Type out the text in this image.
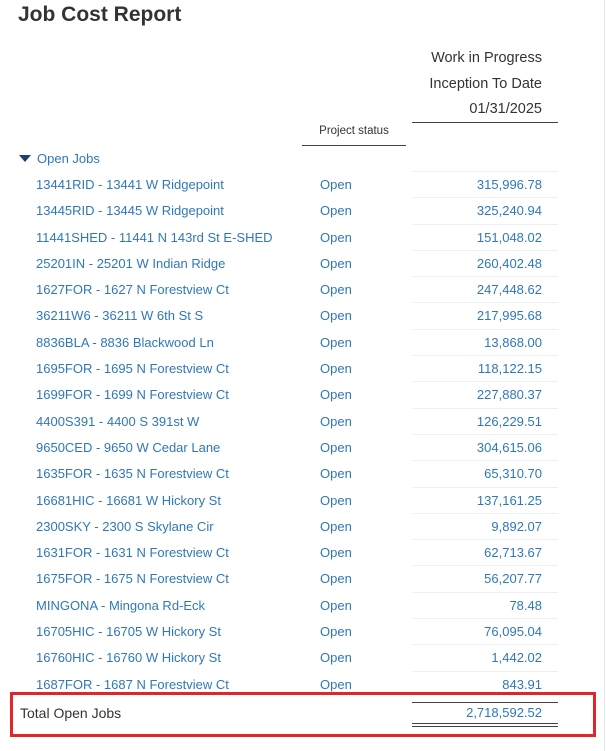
Job Cost Report
Work in Progress
Inception To Date
01/31/2025
Project status
Open Jobs
13441RID - 13441 W Ridgepoint	Open	315,996.78
13445RID - 13445 W Ridgepoint	Open	325,240.94
11441SHED - 11441 N 143rd St E-SHED	Open	151,048.02
25201IN - 25201 W Indian Ridge	Open	260,402.48
1627FOR - 1627 N Forestview Ct	Open	247,448.62
36211W6 - 36211 W 6th St S	Open	217,995.68
8836BLA - 8836 Blackwood Ln	Open	13,868.00
1695FOR - 1695 N Forestview Ct	Open	118,122.15
1699FOR - 1699 N Forestview Ct	Open	227,880.37
4400S391 - 4400 S 391st W	Open	126,229.51
9650CED - 9650 W Cedar Lane	Open	304,615.06
1635FOR - 1635 N Forestview Ct	Open	65,310.70
16681HIC - 16681 W Hickory St	Open	137,161.25
2300SKY - 2300 S Skylane Cir	Open	9,892.07
1631FOR - 1631 N Forestview Ct	Open	62,713.67
1675FOR - 1675 N Forestview Ct	Open	56,207.77
MINGONA - Mingona Rd-Eck	Open	78.48
16705HIC - 16705 W Hickory St	Open	76,095.04
16760HIC - 16760 W Hickory St	Open	1,442.02
1687FOR - 1687 N Forestview Ct	Open	843.91
Total Open Jobs	2,718,592.52
